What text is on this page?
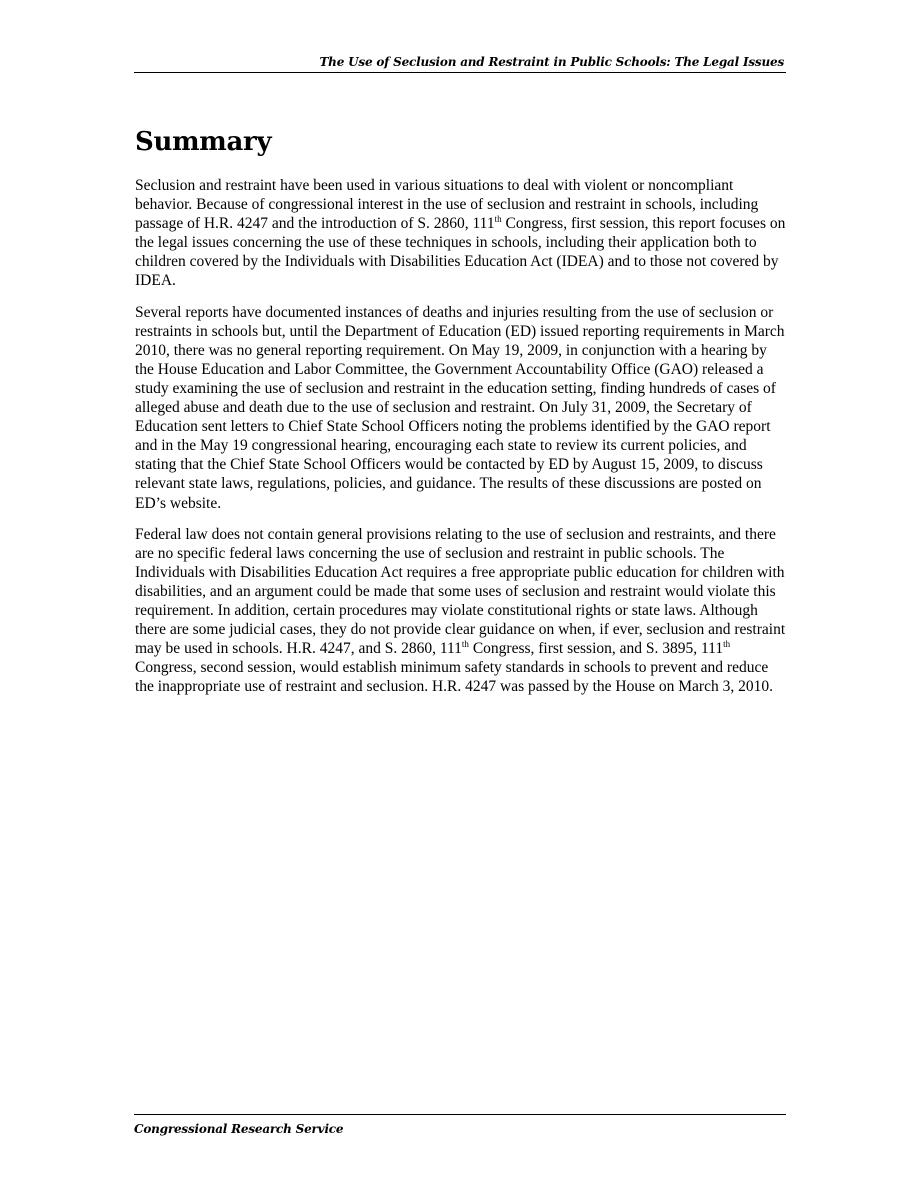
The Use of Seclusion and Restraint in Public Schools: The Legal Issues
Summary

Seclusion and restraint have been used in various situations to deal with violent or noncompliant behavior. Because of congressional interest in the use of seclusion and restraint in schools, including passage of H.R. 4247 and the introduction of S. 2860, 111th Congress, first session, this report focuses on the legal issues concerning the use of these techniques in schools, including their application both to children covered by the Individuals with Disabilities Education Act (IDEA) and to those not covered by IDEA.

Several reports have documented instances of deaths and injuries resulting from the use of seclusion or restraints in schools but, until the Department of Education (ED) issued reporting requirements in March 2010, there was no general reporting requirement. On May 19, 2009, in conjunction with a hearing by the House Education and Labor Committee, the Government Accountability Office (GAO) released a study examining the use of seclusion and restraint in the education setting, finding hundreds of cases of alleged abuse and death due to the use of seclusion and restraint. On July 31, 2009, the Secretary of Education sent letters to Chief State School Officers noting the problems identified by the GAO report and in the May 19 congressional hearing, encouraging each state to review its current policies, and stating that the Chief State School Officers would be contacted by ED by August 15, 2009, to discuss relevant state laws, regulations, policies, and guidance. The results of these discussions are posted on ED’s website.

Federal law does not contain general provisions relating to the use of seclusion and restraints, and there are no specific federal laws concerning the use of seclusion and restraint in public schools. The Individuals with Disabilities Education Act requires a free appropriate public education for children with disabilities, and an argument could be made that some uses of seclusion and restraint would violate this requirement. In addition, certain procedures may violate constitutional rights or state laws. Although there are some judicial cases, they do not provide clear guidance on when, if ever, seclusion and restraint may be used in schools. H.R. 4247, and S. 2860, 111th Congress, first session, and S. 3895, 111th Congress, second session, would establish minimum safety standards in schools to prevent and reduce the inappropriate use of restraint and seclusion. H.R. 4247 was passed by the House on March 3, 2010.

Congressional Research Service
